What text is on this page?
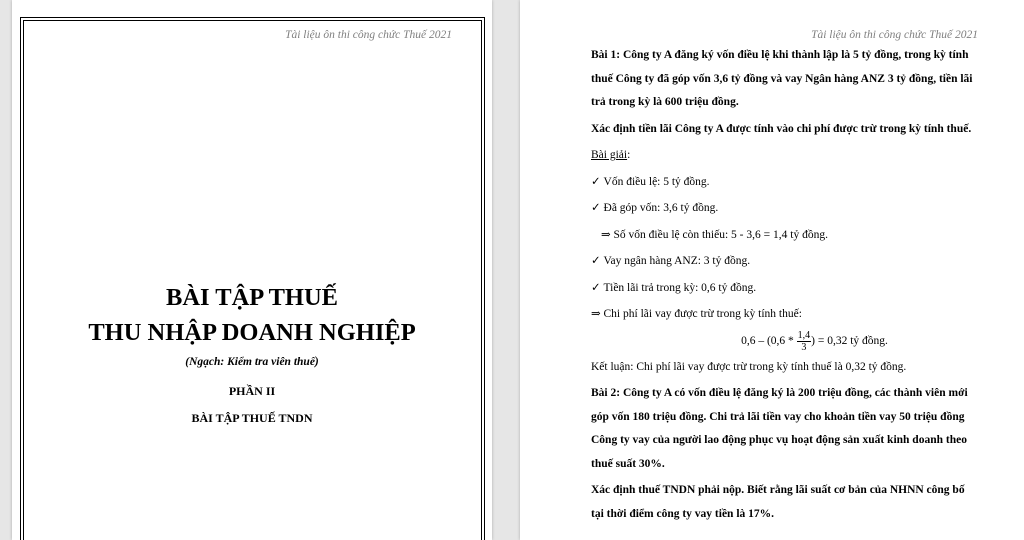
Tài liệu ôn thi công chức Thuế 2021
BÀI TẬP THUẾ
THU NHẬP DOANH NGHIỆP
(Ngạch: Kiểm tra viên thuế)
PHẦN II
BÀI TẬP THUẾ TNDN
Tài liệu ôn thi công chức Thuế 2021

Bài 1: Công ty A đăng ký vốn điều lệ khi thành lập là 5 tỷ đồng, trong kỳ tính thuế Công ty đã góp vốn 3,6 tỷ đồng và vay Ngân hàng ANZ 3 tỷ đồng, tiền lãi trả trong kỳ là 600 triệu đồng.

Xác định tiền lãi Công ty A được tính vào chi phí được trừ trong kỳ tính thuế.

Bài giải:

✓ Vốn điều lệ: 5 tỷ đồng.

✓ Đã góp vốn: 3,6 tỷ đồng.

⇒ Số vốn điều lệ còn thiếu: 5 - 3,6 = 1,4 tỷ đồng.

✓ Vay ngân hàng ANZ: 3 tỷ đồng.

✓ Tiền lãi trả trong kỳ: 0,6 tỷ đồng.

⇒ Chi phí lãi vay được trừ trong kỳ tính thuế:

$0,6 - (0,6 * \frac{1,4}{3}$ ) = 0,32 tỷ đồng.

Kết luận: Chi phí lãi vay được trừ trong kỳ tính thuế là 0,32 tỷ đồng.

Bài 2: Công ty A có vốn điều lệ đăng ký là 200 triệu đồng, các thành viên mới góp vốn 180 triệu đồng. Chi trả lãi tiền vay cho khoản tiền vay 50 triệu đồng Công ty vay của người lao động phục vụ hoạt động sản xuất kinh doanh theo thuế suất 30%.

Xác định thuế TNDN phải nộp. Biết rằng lãi suất cơ bản của NHNN công bố tại thời điểm công ty vay tiền là 17%.
